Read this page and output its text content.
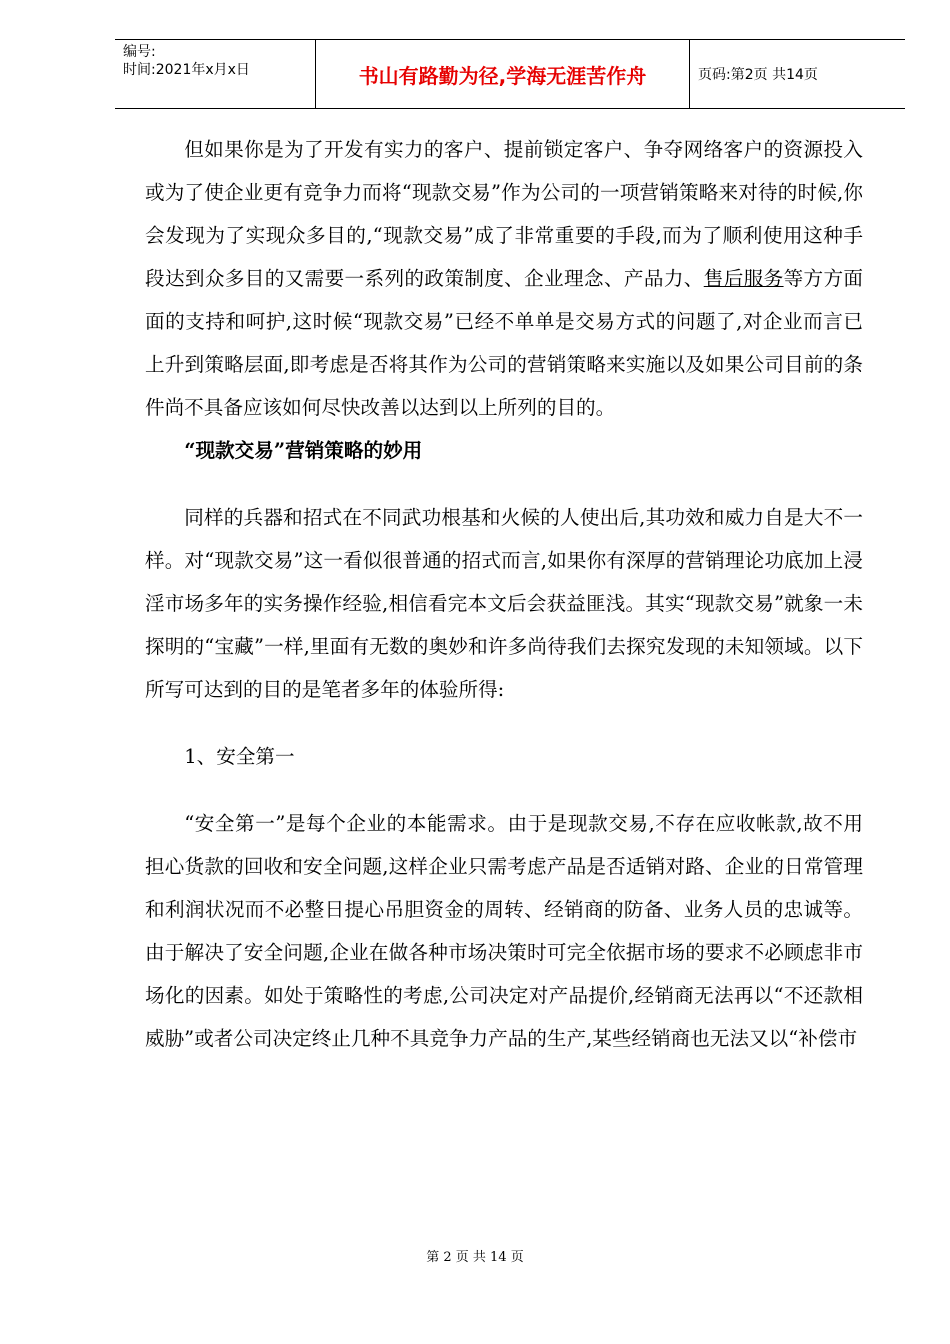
编号:
时间:2021年x月x日	书山有路勤为径,学海无涯苦作舟	页码:第2页 共14页

但如果你是为了开发有实力的客户、提前锁定客户、争夺网络客户的资源投入或为了使企业更有竞争力而将“现款交易”作为公司的一项营销策略来对待的时候,你会发现为了实现众多目的,“现款交易”成了非常重要的手段,而为了顺利使用这种手段达到众多目的又需要一系列的政策制度、企业理念、产品力、售后服务等方方面面的支持和呵护,这时候“现款交易”已经不单单是交易方式的问题了,对企业而言已上升到策略层面,即考虑是否将其作为公司的营销策略来实施以及如果公司目前的条件尚不具备应该如何尽快改善以达到以上所列的目的。

“现款交易”营销策略的妙用

同样的兵器和招式在不同武功根基和火候的人使出后,其功效和威力自是大不一样。对“现款交易”这一看似很普通的招式而言,如果你有深厚的营销理论功底加上浸淫市场多年的实务操作经验,相信看完本文后会获益匪浅。其实“现款交易”就象一未探明的“宝藏”一样,里面有无数的奥妙和许多尚待我们去探究发现的未知领域。以下所写可达到的目的是笔者多年的体验所得:

1、安全第一

“安全第一”是每个企业的本能需求。由于是现款交易,不存在应收帐款,故不用担心货款的回收和安全问题,这样企业只需考虑产品是否适销对路、企业的日常管理和利润状况而不必整日提心吊胆资金的周转、经销商的防备、业务人员的忠诚等。由于解决了安全问题,企业在做各种市场决策时可完全依据市场的要求不必顾虑非市场化的因素。如处于策略性的考虑,公司决定对产品提价,经销商无法再以“不还款相威胁”或者公司决定终止几种不具竞争力产品的生产,某些经销商也无法又以“补偿市

第 2 页 共 14 页
